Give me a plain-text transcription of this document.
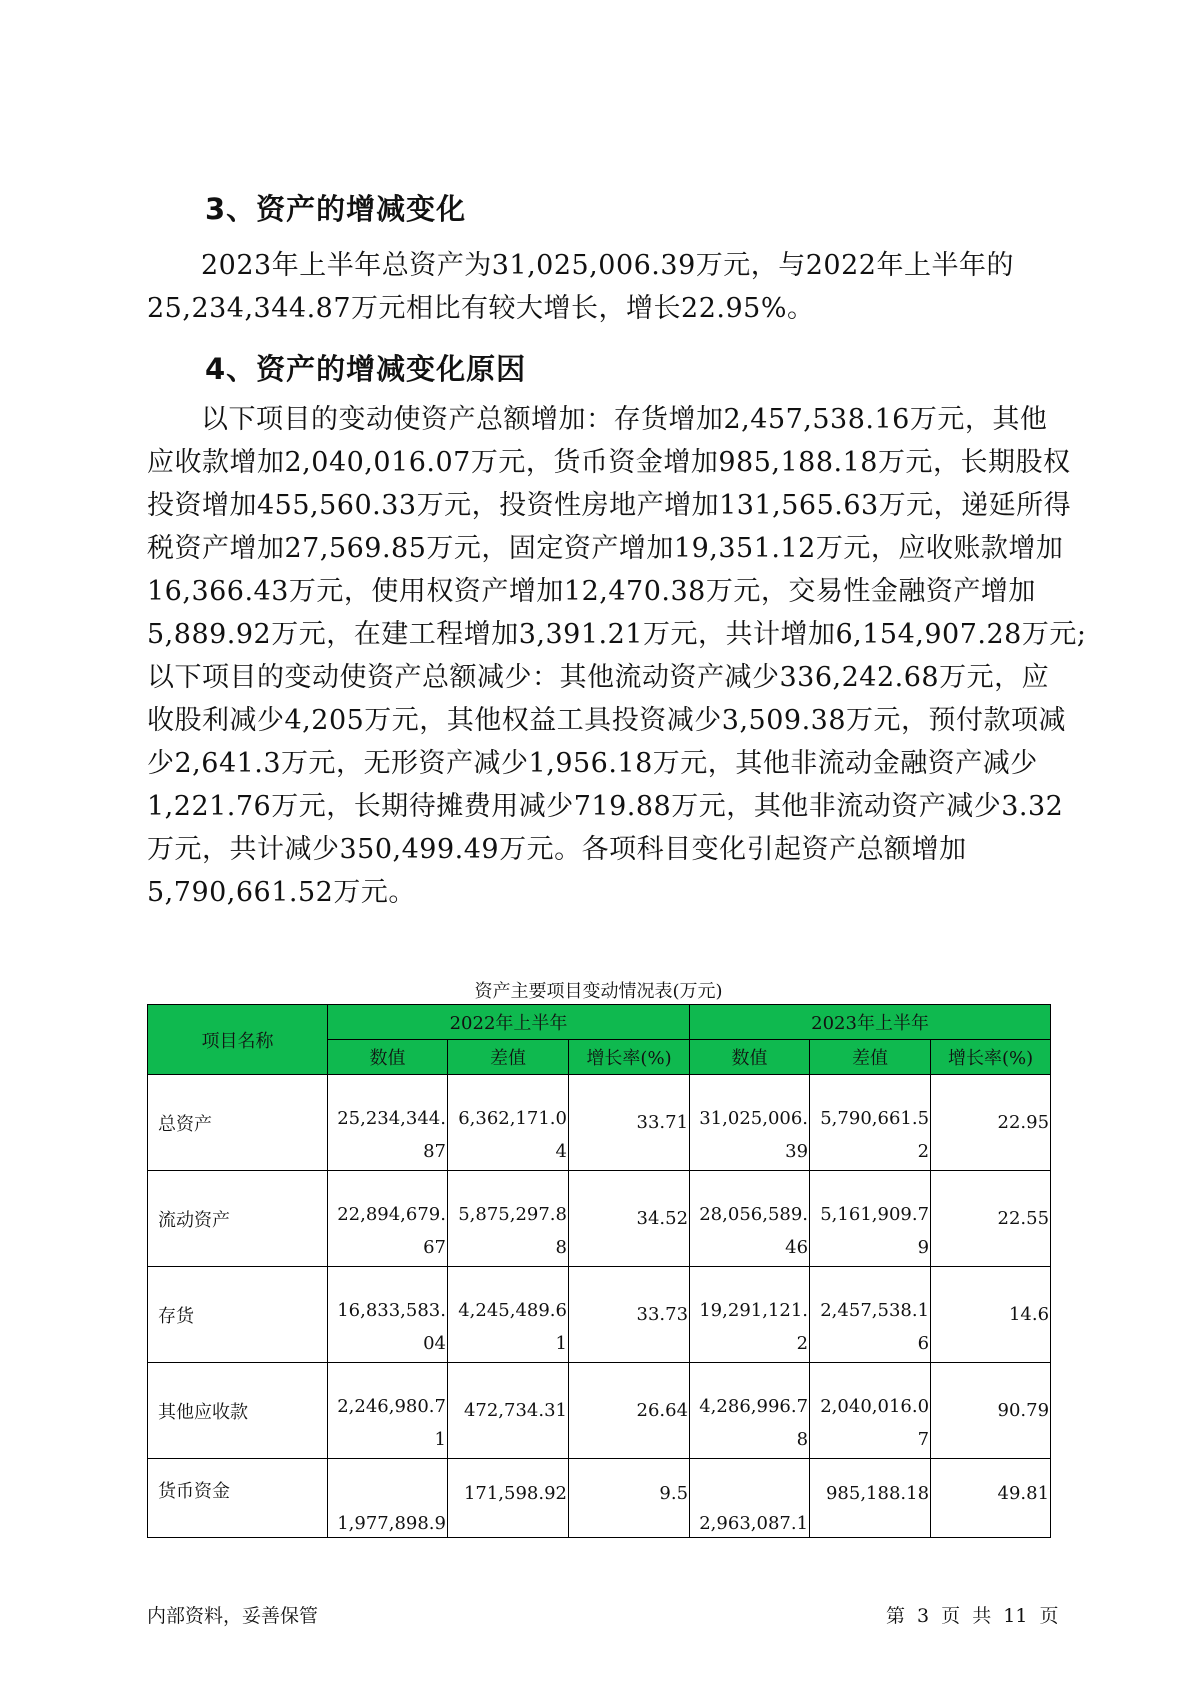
3、资产的增减变化
2023年上半年总资产为31,025,006.39万元，与2022年上半年的
25,234,344.87万元相比有较大增长，增长22.95%。
4、资产的增减变化原因
以下项目的变动使资产总额增加：存货增加2,457,538.16万元，其他
应收款增加2,040,016.07万元，货币资金增加985,188.18万元，长期股权
投资增加455,560.33万元，投资性房地产增加131,565.63万元，递延所得
税资产增加27,569.85万元，固定资产增加19,351.12万元，应收账款增加
16,366.43万元，使用权资产增加12,470.38万元，交易性金融资产增加
5,889.92万元，在建工程增加3,391.21万元，共计增加6,154,907.28万元;
以下项目的变动使资产总额减少：其他流动资产减少336,242.68万元，应
收股利减少4,205万元，其他权益工具投资减少3,509.38万元，预付款项减
少2,641.3万元，无形资产减少1,956.18万元，其他非流动金融资产减少
1,221.76万元，长期待摊费用减少719.88万元，其他非流动资产减少3.32
万元，共计减少350,499.49万元。各项科目变化引起资产总额增加
5,790,661.52万元。

资产主要项目变动情况表(万元)

项目名称	2022年上半年			2023年上半年		
	数值	差值	增长率(%)	数值	差值	增长率(%)
总资产	25,234,344.87	6,362,171.04	33.71	31,025,006.39	5,790,661.52	22.95
流动资产	22,894,679.67	5,875,297.88	34.52	28,056,589.46	5,161,909.79	22.55
存货	16,833,583.04	4,245,489.61	33.73	19,291,121.2	2,457,538.16	14.6
其他应收款	2,246,980.71	472,734.31	26.64	4,286,996.78	2,040,016.07	90.79
货币资金	1,977,898.9	171,598.92	9.5	2,963,087.1	985,188.18	49.81

内部资料，妥善保管	第 3 页 共 11 页
